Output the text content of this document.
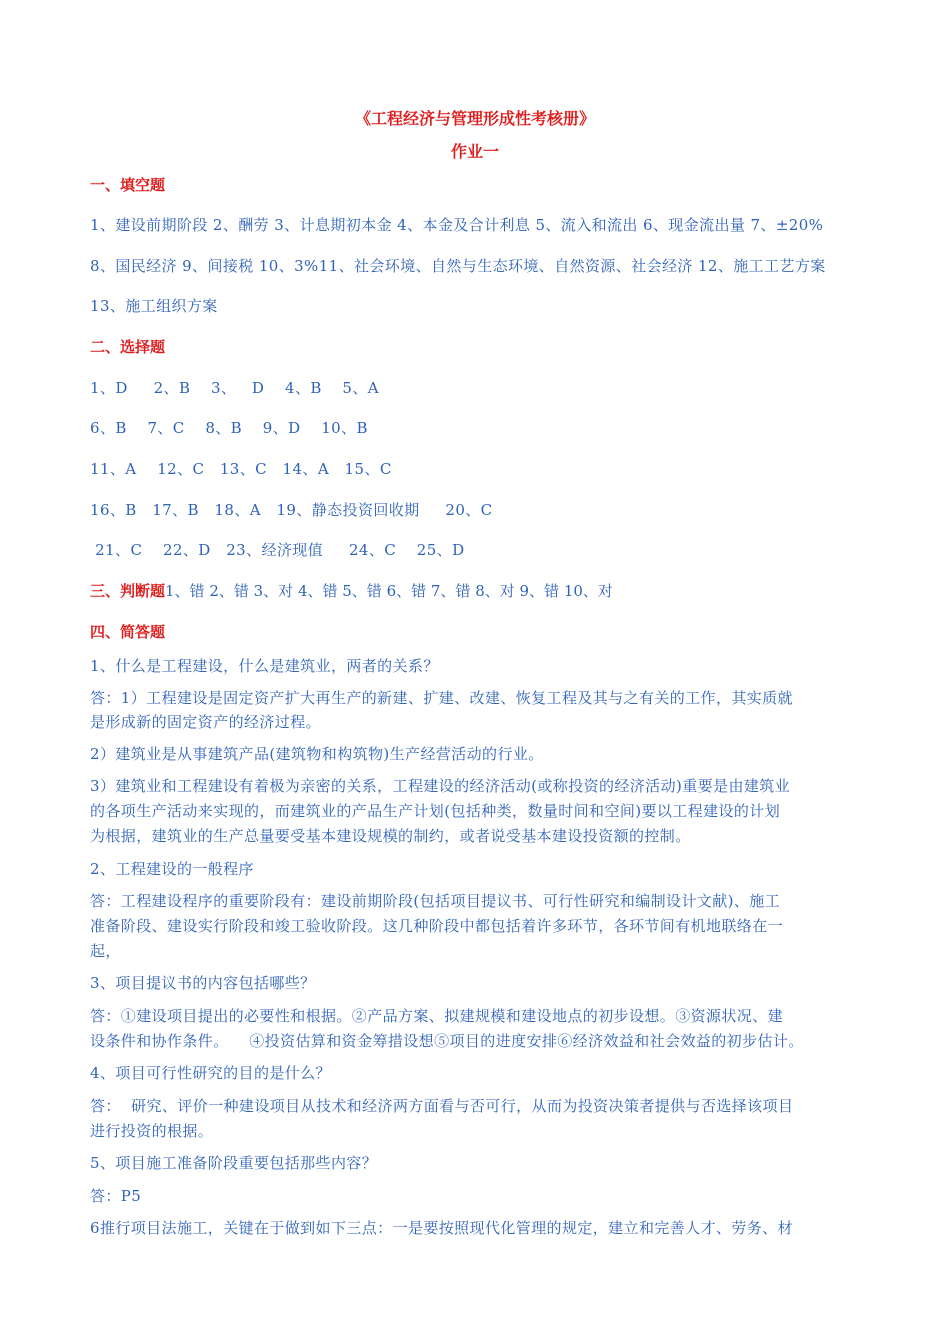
《工程经济与管理形成性考核册》

作业一

一、填空题

1、建设前期阶段 2、酬劳 3、计息期初本金 4、本金及合计利息 5、流入和流出 6、现金流出量 7、±20%

8、国民经济 9、间接税 10、3%11、社会环境、自然与生态环境、自然资源、社会经济 12、施工工艺方案

13、施工组织方案

二、选择题

1、D     2、B    3、   D    4、B    5、A

6、B    7、C    8、B    9、D    10、B

11、A    12、C   13、C   14、A   15、C

16、B   17、B   18、A   19、静态投资回收期     20、C

21、C    22、D   23、经济现值     24、C    25、D

三、判断题1、错 2、错 3、对 4、错 5、错 6、错 7、错 8、对 9、错 10、对

四、简答题

1、什么是工程建设，什么是建筑业，两者的关系？

答：1）工程建设是固定资产扩大再生产的新建、扩建、改建、恢复工程及其与之有关的工作，其实质就

是形成新的固定资产的经济过程。

2）建筑业是从事建筑产品(建筑物和构筑物)生产经营活动的行业。

3）建筑业和工程建设有着极为亲密的关系，工程建设的经济活动(或称投资的经济活动)重要是由建筑业

的各项生产活动来实现的，而建筑业的产品生产计划(包括种类，数量时间和空间)要以工程建设的计划

为根据，建筑业的生产总量要受基本建设规模的制约，或者说受基本建设投资额的控制。

2、工程建设的一般程序

答：工程建设程序的重要阶段有：建设前期阶段(包括项目提议书、可行性研究和编制设计文献)、施工

准备阶段、建设实行阶段和竣工验收阶段。这几种阶段中都包括着许多环节，各环节间有机地联络在一

起，

3、项目提议书的内容包括哪些？

答：①建设项目提出的必要性和根据。②产品方案、拟建规模和建设地点的初步设想。③资源状况、建

设条件和协作条件。    ④投资估算和资金筹措设想⑤项目的进度安排⑥经济效益和社会效益的初步估计。

4、项目可行性研究的目的是什么？

答：  研究、评价一种建设项目从技术和经济两方面看与否可行，从而为投资决策者提供与否选择该项目

进行投资的根据。

5、项目施工准备阶段重要包括那些内容？

答：P5

6推行项目法施工，关键在于做到如下三点：一是要按照现代化管理的规定，建立和完善人才、劳务、材
